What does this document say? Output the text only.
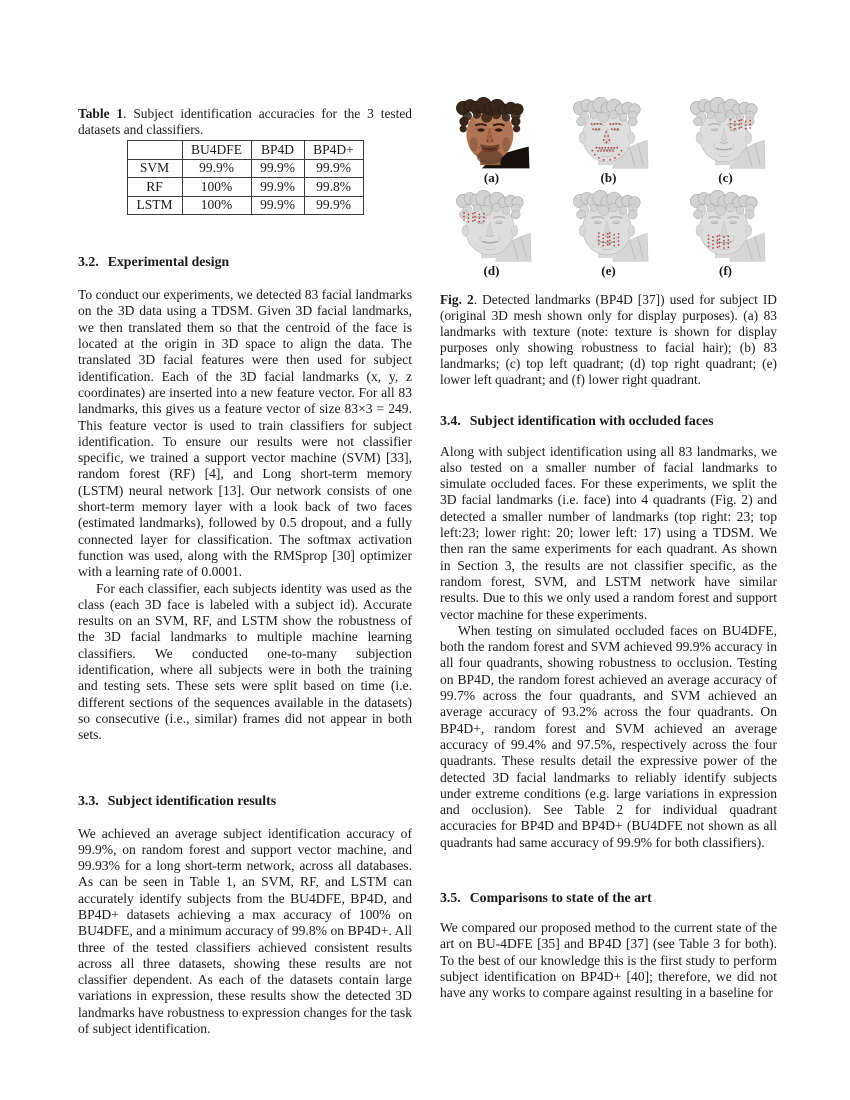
Table 1. Subject identification accuracies for the 3 tested datasets and classifiers.

	BU4DFE	BP4D	BP4D+
SVM	99.9%	99.9%	99.9%
RF	100%	99.9%	99.8%
LSTM	100%	99.9%	99.9%
3.2. Experimental design

To conduct our experiments, we detected 83 facial landmarks on the 3D data using a TDSM. Given 3D facial landmarks, we then translated them so that the centroid of the face is located at the origin in 3D space to align the data. The translated 3D facial features were then used for subject identification. Each of the 3D facial landmarks (x, y, z coordinates) are inserted into a new feature vector. For all 83 landmarks, this gives us a feature vector of size 83×3 = 249. This feature vector is used to train classifiers for subject identification. To ensure our results were not classifier specific, we trained a support vector machine (SVM) [33], random forest (RF) [4], and Long short-term memory (LSTM) neural network [13]. Our network consists of one short-term memory layer with a look back of two faces (estimated landmarks), followed by 0.5 dropout, and a fully connected layer for classification. The softmax activation function was used, along with the RMSprop [30] optimizer with a learning rate of 0.0001.

For each classifier, each subjects identity was used as the class (each 3D face is labeled with a subject id). Accurate results on an SVM, RF, and LSTM show the robustness of the 3D facial landmarks to multiple machine learning classifiers. We conducted one-to-many subjection identification, where all subjects were in both the training and testing sets. These sets were split based on time (i.e. different sections of the sequences available in the datasets) so consecutive (i.e., similar) frames did not appear in both sets.

3.3. Subject identification results

We achieved an average subject identification accuracy of 99.9%, on random forest and support vector machine, and 99.93% for a long short-term network, across all databases. As can be seen in Table 1, an SVM, RF, and LSTM can accurately identify subjects from the BU4DFE, BP4D, and BP4D+ datasets achieving a max accuracy of 100% on BU4DFE, and a minimum accuracy of 99.8% on BP4D+. All three of the tested classifiers achieved consistent results across all three datasets, showing these results are not classifier dependent. As each of the datasets contain large variations in expression, these results show the detected 3D landmarks have robustness to expression changes for the task of subject identification.

(a)	(b)	(c)
(d)	(e)	(f)

Fig. 2. Detected landmarks (BP4D [37]) used for subject ID (original 3D mesh shown only for display purposes). (a) 83 landmarks with texture (note: texture is shown for display purposes only showing robustness to facial hair); (b) 83 landmarks; (c) top left quadrant; (d) top right quadrant; (e) lower left quadrant; and (f) lower right quadrant.

3.4. Subject identification with occluded faces

Along with subject identification using all 83 landmarks, we also tested on a smaller number of facial landmarks to simulate occluded faces. For these experiments, we split the 3D facial landmarks (i.e. face) into 4 quadrants (Fig. 2) and detected a smaller number of landmarks (top right: 23; top left:23; lower right: 20; lower left: 17) using a TDSM. We then ran the same experiments for each quadrant. As shown in Section 3, the results are not classifier specific, as the random forest, SVM, and LSTM network have similar results. Due to this we only used a random forest and support vector machine for these experiments.

When testing on simulated occluded faces on BU4DFE, both the random forest and SVM achieved 99.9% accuracy in all four quadrants, showing robustness to occlusion. Testing on BP4D, the random forest achieved an average accuracy of 99.7% across the four quadrants, and SVM achieved an average accuracy of 93.2% across the four quadrants. On BP4D+, random forest and SVM achieved an average accuracy of 99.4% and 97.5%, respectively across the four quadrants. These results detail the expressive power of the detected 3D facial landmarks to reliably identify subjects under extreme conditions (e.g. large variations in expression and occlusion). See Table 2 for individual quadrant accuracies for BP4D and BP4D+ (BU4DFE not shown as all quadrants had same accuracy of 99.9% for both classifiers).

3.5. Comparisons to state of the art

We compared our proposed method to the current state of the art on BU-4DFE [35] and BP4D [37] (see Table 3 for both). To the best of our knowledge this is the first study to perform subject identification on BP4D+ [40]; therefore, we did not have any works to compare against resulting in a baseline for
